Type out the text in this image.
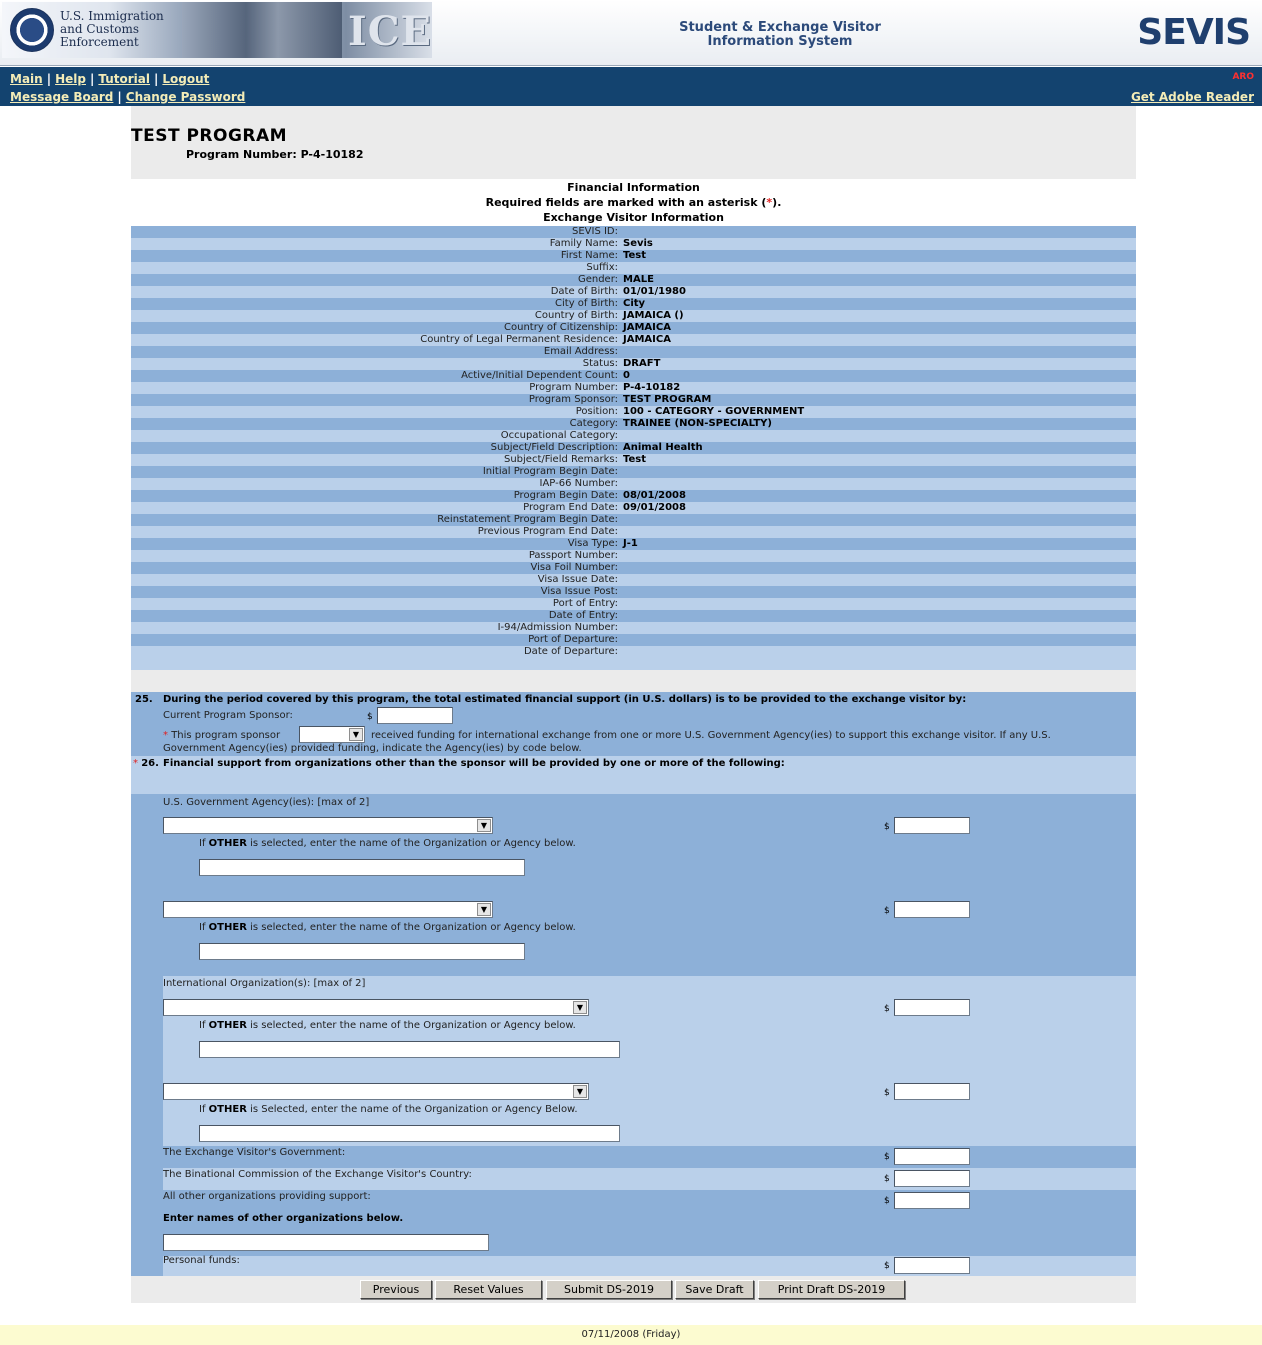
U.S. Immigration
and Customs
Enforcement	ICE	Student & Exchange Visitor
Information System	SEVIS
Main | Help | Tutorial | Logout
Message Board | Change Password
ARO
Get Adobe Reader
TEST PROGRAM
Program Number: P-4-10182
Financial Information
Required fields are marked with an asterisk (*).
Exchange Visitor Information
SEVIS ID:
Family Name: Sevis
First Name: Test
Suffix:
Gender: MALE
Date of Birth: 01/01/1980
City of Birth: City
Country of Birth: JAMAICA ()
Country of Citizenship: JAMAICA
Country of Legal Permanent Residence: JAMAICA
Email Address:
Status: DRAFT
Active/Initial Dependent Count: 0
Program Number: P-4-10182
Program Sponsor: TEST PROGRAM
Position: 100 - CATEGORY - GOVERNMENT
Category: TRAINEE (NON-SPECIALTY)
Occupational Category:
Subject/Field Description: Animal Health
Subject/Field Remarks: Test
Initial Program Begin Date:
IAP-66 Number:
Program Begin Date: 08/01/2008
Program End Date: 09/01/2008
Reinstatement Program Begin Date:
Previous Program End Date:
Visa Type: J-1
Passport Number:
Visa Foil Number:
Visa Issue Date:
Visa Issue Post:
Port of Entry:
Date of Entry:
I-94/Admission Number:
Port of Departure:
Date of Departure:
25. During the period covered by this program, the total estimated financial support (in U.S. dollars) is to be provided to the exchange visitor by:
Current Program Sponsor:	$
* This program sponsor	▼	received funding for international exchange from one or more U.S. Government Agency(ies) to support this exchange visitor. If any U.S.
Government Agency(ies) provided funding, indicate the Agency(ies) by code below.
* 26. Financial support from organizations other than the sponsor will be provided by one or more of the following:
U.S. Government Agency(ies): [max of 2]
▼	$
If OTHER is selected, enter the name of the Organization or Agency below.
▼	$
If OTHER is selected, enter the name of the Organization or Agency below.
International Organization(s): [max of 2]
▼	$
If OTHER is selected, enter the name of the Organization or Agency below.
▼	$
If OTHER is Selected, enter the name of the Organization or Agency Below.
The Exchange Visitor's Government:	$
The Binational Commission of the Exchange Visitor's Country:	$
All other organizations providing support:	$
Enter names of other organizations below.
Personal funds:	$
Previous	Reset Values	Submit DS-2019	Save Draft	Print Draft DS-2019
07/11/2008 (Friday)
